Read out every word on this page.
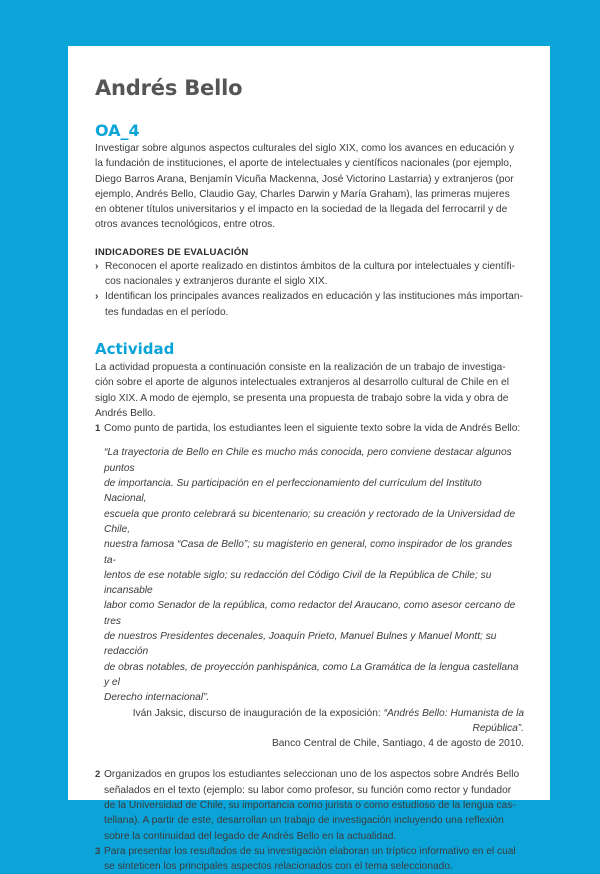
Andrés Bello
OA_4

Investigar sobre algunos aspectos culturales del siglo XIX, como los avances en educación y
la fundación de instituciones, el aporte de intelectuales y científicos nacionales (por ejemplo,
Diego Barros Arana, Benjamín Vicuña Mackenna, José Victorino Lastarria) y extranjeros (por
ejemplo, Andrés Bello, Claudio Gay, Charles Darwin y María Graham), las primeras mujeres
en obtener títulos universitarios y el impacto en la sociedad de la llegada del ferrocarril y de
otros avances tecnológicos, entre otros.

INDICADORES DE EVALUACIÓN
› Reconocen el aporte realizado en distintos ámbitos de la cultura por intelectuales y científi-
cos nacionales y extranjeros durante el siglo XIX.
› Identifican los principales avances realizados en educación y las instituciones más importan-
tes fundadas en el período.
Actividad

La actividad propuesta a continuación consiste en la realización de un trabajo de investiga-
ción sobre el aporte de algunos intelectuales extranjeros al desarrollo cultural de Chile en el
siglo XIX. A modo de ejemplo, se presenta una propuesta de trabajo sobre la vida y obra de
Andrés Bello.

1 Como punto de partida, los estudiantes leen el siguiente texto sobre la vida de Andrés Bello:
“La trayectoria de Bello en Chile es mucho más conocida, pero conviene destacar algunos puntos
de importancia. Su participación en el perfeccionamiento del currículum del Instituto Nacional,
escuela que pronto celebrará su bicentenario; su creación y rectorado de la Universidad de Chile,
nuestra famosa “Casa de Bello”; su magisterio en general, como inspirador de los grandes ta-
lentos de ese notable siglo; su redacción del Código Civil de la República de Chile; su incansable
labor como Senador de la república, como redactor del Araucano, como asesor cercano de tres
de nuestros Presidentes decenales, Joaquín Prieto, Manuel Bulnes y Manuel Montt; su redacción
de obras notables, de proyección panhispánica, como La Gramática de la lengua castellana y el
Derecho internacional”.
Iván Jaksic, discurso de inauguración de la exposición: “Andrés Bello: Humanista de la República”.
Banco Central de Chile, Santiago, 4 de agosto de 2010.
2 Organizados en grupos los estudiantes seleccionan uno de los aspectos sobre Andrés Bello
señalados en el texto (ejemplo: su labor como profesor, su función como rector y fundador
de la Universidad de Chile, su importancia como jurista o como estudioso de la lengua cas-
tellana). A partir de este, desarrollan un trabajo de investigación incluyendo una reflexión
sobre la continuidad del legado de Andrés Bello en la actualidad.
3 Para presentar los resultados de su investigación elaboran un tríptico informativo en el cual
se sinteticen los principales aspectos relacionados con el tema seleccionado.
